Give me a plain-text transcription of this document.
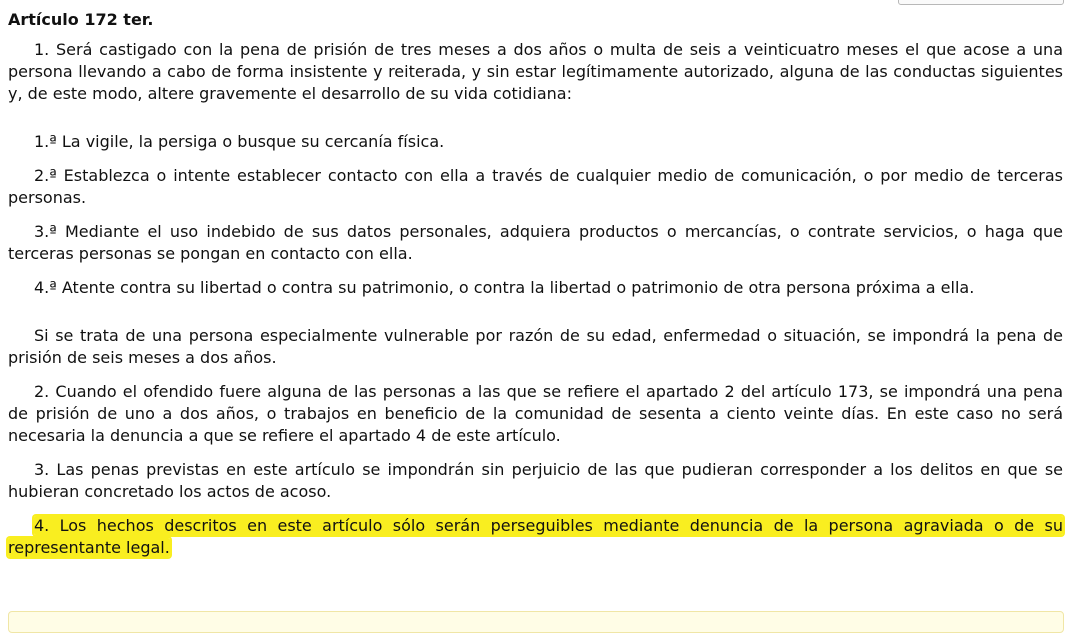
Artículo 172 ter.

1. Será castigado con la pena de prisión de tres meses a dos años o multa de seis a veinticuatro meses el que acose a una persona llevando a cabo de forma insistente y reiterada, y sin estar legítimamente autorizado, alguna de las conductas siguientes y, de este modo, altere gravemente el desarrollo de su vida cotidiana:

1.ª La vigile, la persiga o busque su cercanía física.

2.ª Establezca o intente establecer contacto con ella a través de cualquier medio de comunicación, o por medio de terceras personas.

3.ª Mediante el uso indebido de sus datos personales, adquiera productos o mercancías, o contrate servicios, o haga que terceras personas se pongan en contacto con ella.

4.ª Atente contra su libertad o contra su patrimonio, o contra la libertad o patrimonio de otra persona próxima a ella.

Si se trata de una persona especialmente vulnerable por razón de su edad, enfermedad o situación, se impondrá la pena de prisión de seis meses a dos años.

2. Cuando el ofendido fuere alguna de las personas a las que se refiere el apartado 2 del artículo 173, se impondrá una pena de prisión de uno a dos años, o trabajos en beneficio de la comunidad de sesenta a ciento veinte días. En este caso no será necesaria la denuncia a que se refiere el apartado 4 de este artículo.

3. Las penas previstas en este artículo se impondrán sin perjuicio de las que pudieran corresponder a los delitos en que se hubieran concretado los actos de acoso.

4. Los hechos descritos en este artículo sólo serán perseguibles mediante denuncia de la persona agraviada o de su representante legal.
